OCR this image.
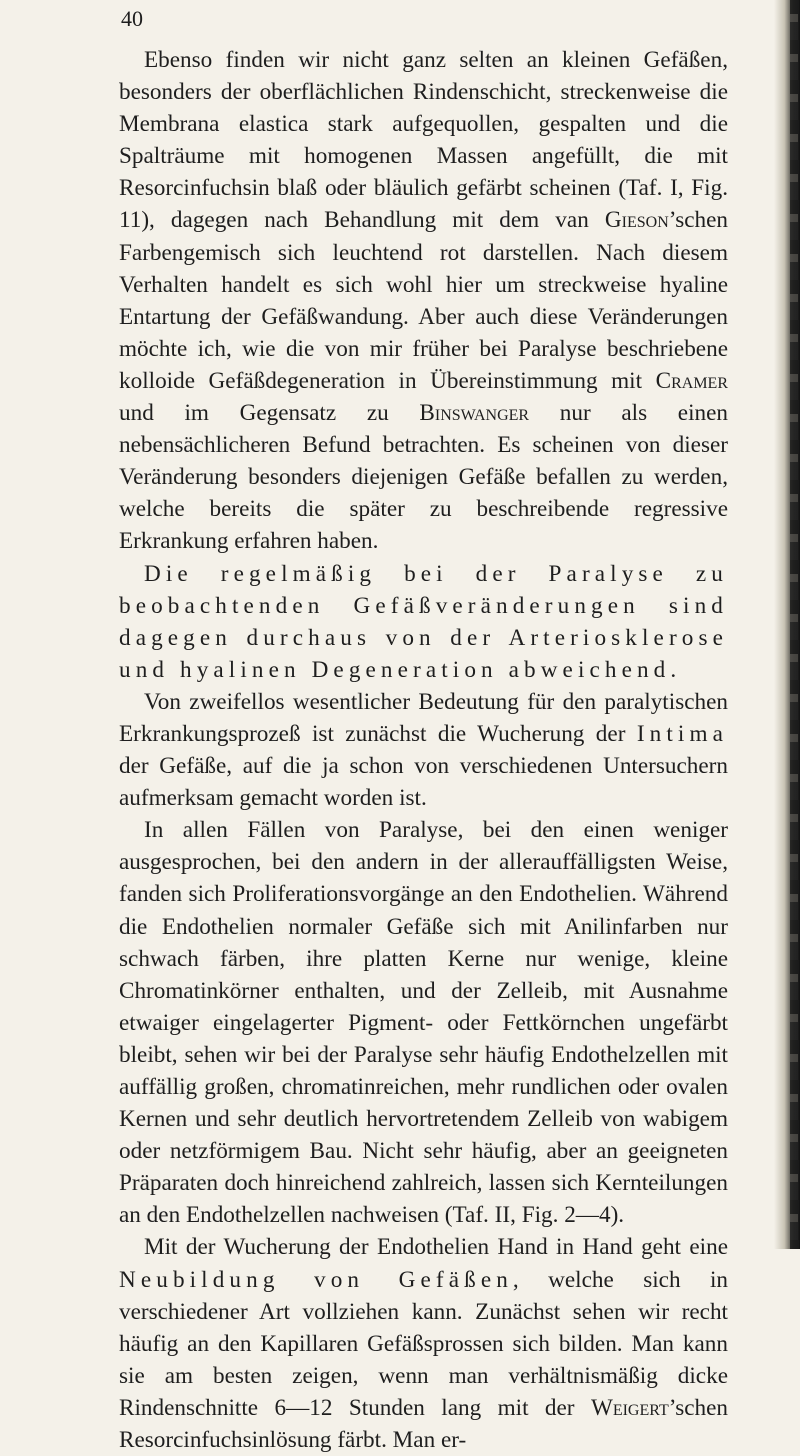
40

Ebenso finden wir nicht ganz selten an kleinen Gefäßen, besonders der oberflächlichen Rindenschicht, streckenweise die Membrana elastica stark aufgequollen, gespalten und die Spalträume mit homogenen Massen angefüllt, die mit Resorcinfuchsin blaß oder bläulich gefärbt scheinen (Taf. I, Fig. 11), dagegen nach Behandlung mit dem van Gieson’schen Farbengemisch sich leuchtend rot darstellen. Nach diesem Verhalten handelt es sich wohl hier um streckweise hyaline Entartung der Gefäßwandung. Aber auch diese Veränderungen möchte ich, wie die von mir früher bei Paralyse beschriebene kolloide Gefäßdegeneration in Übereinstimmung mit Cramer und im Gegensatz zu Binswanger nur als einen nebensächlicheren Befund betrachten. Es scheinen von dieser Veränderung besonders diejenigen Gefäße befallen zu werden, welche bereits die später zu beschreibende regressive Erkrankung erfahren haben.

Die regelmäßig bei der Paralyse zu beobachtenden Gefäßveränderungen sind dagegen durchaus von der Arteriosklerose und hyalinen Degeneration abweichend.

Von zweifellos wesentlicher Bedeutung für den paralytischen Erkrankungsprozeß ist zunächst die Wucherung der Intima der Gefäße, auf die ja schon von verschiedenen Untersuchern aufmerksam gemacht worden ist.

In allen Fällen von Paralyse, bei den einen weniger ausgesprochen, bei den andern in der allerauffälligsten Weise, fanden sich Proliferationsvorgänge an den Endothelien. Während die Endothelien normaler Gefäße sich mit Anilinfarben nur schwach färben, ihre platten Kerne nur wenige, kleine Chromatinkörner enthalten, und der Zelleib, mit Ausnahme etwaiger eingelagerter Pigment- oder Fettkörnchen ungefärbt bleibt, sehen wir bei der Paralyse sehr häufig Endothelzellen mit auffällig großen, chromatinreichen, mehr rundlichen oder ovalen Kernen und sehr deutlich hervortretendem Zelleib von wabigem oder netzförmigem Bau. Nicht sehr häufig, aber an geeigneten Präparaten doch hinreichend zahlreich, lassen sich Kernteilungen an den Endothelzellen nachweisen (Taf. II, Fig. 2—4).

Mit der Wucherung der Endothelien Hand in Hand geht eine Neubildung von Gefäßen, welche sich in verschiedener Art vollziehen kann. Zunächst sehen wir recht häufig an den Kapillaren Gefäßsprossen sich bilden. Man kann sie am besten zeigen, wenn man verhältnismäßig dicke Rindenschnitte 6—12 Stunden lang mit der Weigert’schen Resorcinfuchsinlösung färbt. Man er-
